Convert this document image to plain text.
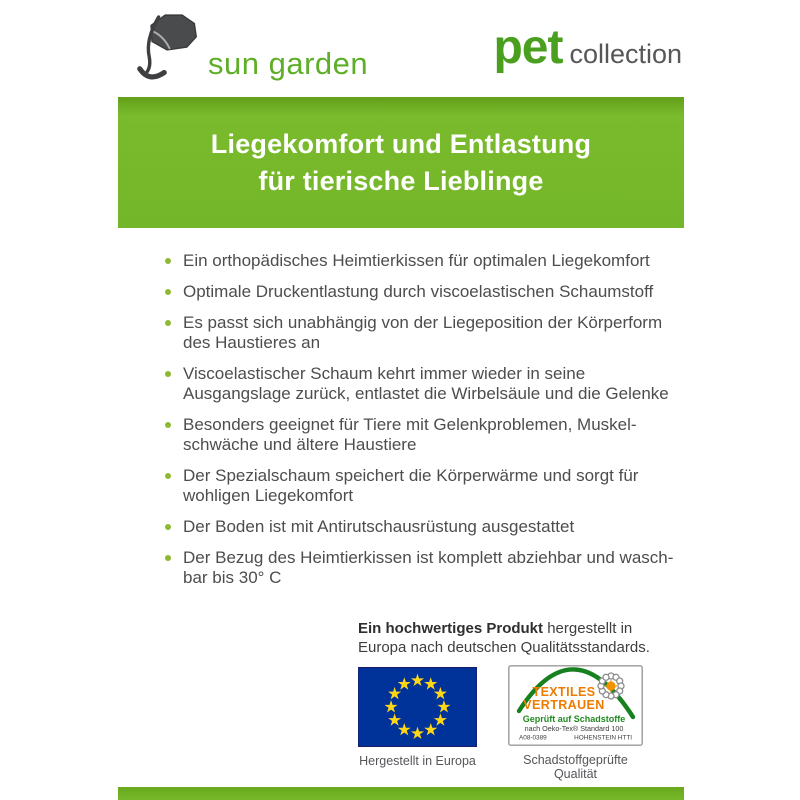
sun garden	pet collection
Liegekomfort und Entlastung
für tierische Lieblinge
Ein orthopädisches Heimtierkissen für optimalen Liegekomfort
Optimale Druckentlastung durch viscoelastischen Schaumstoff
Es passt sich unabhängig von der Liegeposition der Körperform
des Haustieres an
Viscoelastischer Schaum kehrt immer wieder in seine
Ausgangslage zurück, entlastet die Wirbelsäule und die Gelenke
Besonders geeignet für Tiere mit Gelenkproblemen, Muskel-
schwäche und ältere Haustiere
Der Spezialschaum speichert die Körperwärme und sorgt für
wohligen Liegekomfort
Der Boden ist mit Antirutschausrüstung ausgestattet
Der Bezug des Heimtierkissen ist komplett abziehbar und wasch-
bar bis 30° C
Ein hochwertiges Produkt hergestellt in
Europa nach deutschen Qualitätsstandards.
Hergestellt in Europa
TEXTILES
VERTRAUEN
Geprüft auf Schadstoffe
nach Oeko-Tex® Standard 100
A08-0389	HOHENSTEIN HTTI
Schadstoffgeprüfte Qualität
